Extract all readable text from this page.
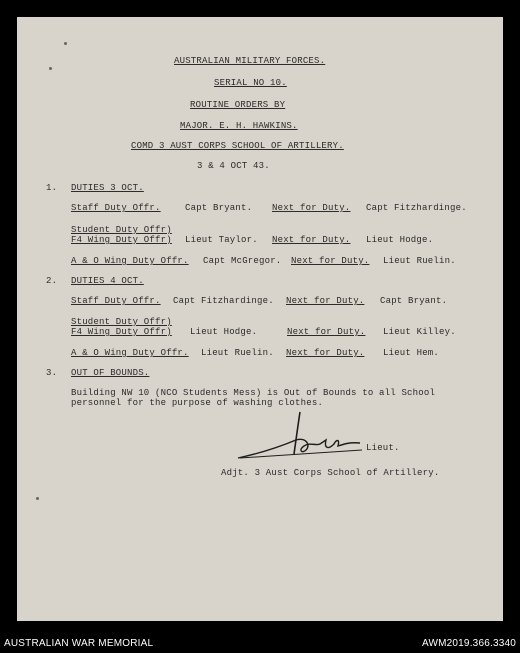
AUSTRALIAN MILITARY FORCES.
SERIAL NO 10.
ROUTINE ORDERS BY
MAJOR. E. H. HAWKINS.
COMD 3 AUST CORPS SCHOOL OF ARTILLERY.
3 & 4 OCT 43.
1. DUTIES 3 OCT.
Staff Duty Offr.	Capt Bryant. Next for Duty. Capt Fitzhardinge.
Student Duty Offr)
F4 Wing Duty Offr) Lieut Taylor. Next for Duty. Lieut Hodge.
A & O Wing Duty Offr. Capt McGregor. Next for Duty. Lieut Ruelin.
2. DUTIES 4 OCT.
Staff Duty Offr. Capt Fitzhardinge. Next for Duty. Capt Bryant.
Student Duty Offr)
F4 Wing Duty Offr) Lieut Hodge.	Next for Duty. Lieut Killey.
A & O Wing Duty Offr. Lieut Ruelin. Next for Duty. Lieut Hem.
3. OUT OF BOUNDS.
Building NW 10 (NCO Students Mess) is Out of Bounds to all School
personnel for the purpose of washing clothes.
Lieut.
Adjt. 3 Aust Corps School of Artillery.
AUSTRALIAN WAR MEMORIAL	AWM2019.366.3340
